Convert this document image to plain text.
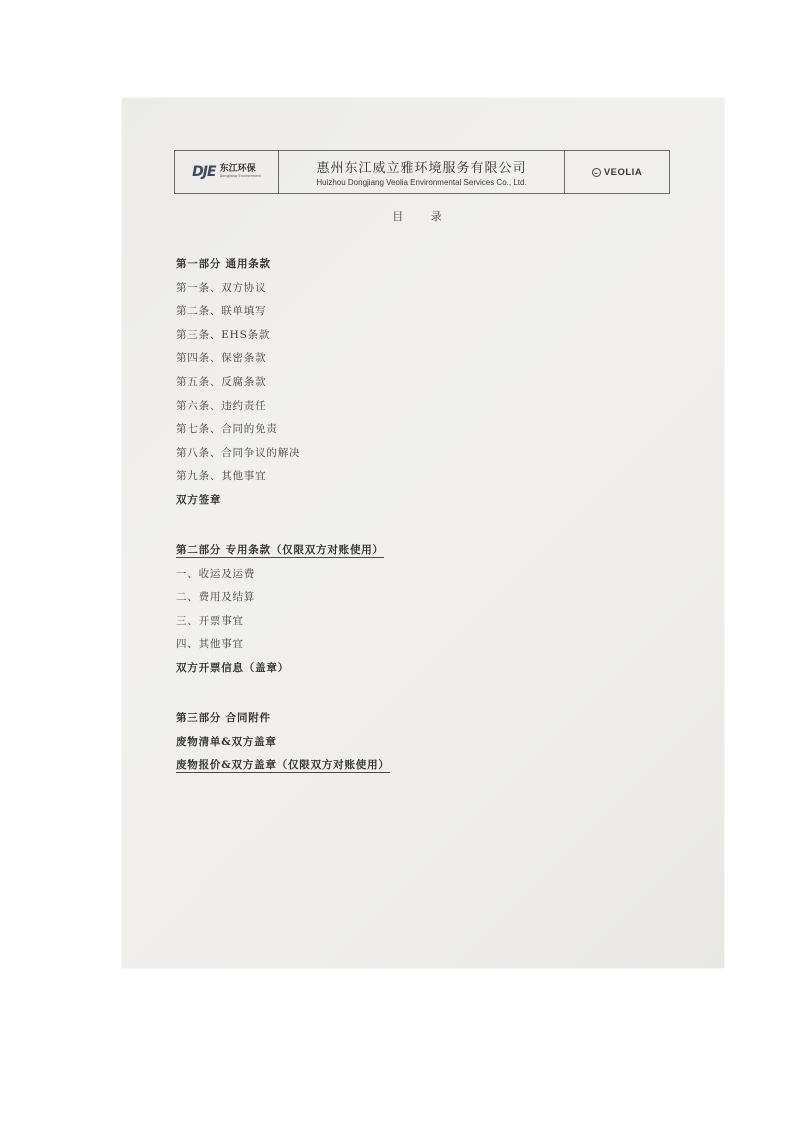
DJE 东江环保
Dongjiang Environment
惠州东江威立雅环境服务有限公司
Huizhou Dongjiang Veolia Environmental Services Co., Ltd.
VEOLIA
目 录
第一部分 通用条款
第一条、双方协议
第二条、联单填写
第三条、EHS条款
第四条、保密条款
第五条、反腐条款
第六条、违约责任
第七条、合同的免责
第八条、合同争议的解决
第九条、其他事宜
双方签章
第二部分 专用条款（仅限双方对账使用）
一、收运及运费
二、费用及结算
三、开票事宜
四、其他事宜
双方开票信息（盖章）
第三部分 合同附件
废物清单&双方盖章
废物报价&双方盖章（仅限双方对账使用）
